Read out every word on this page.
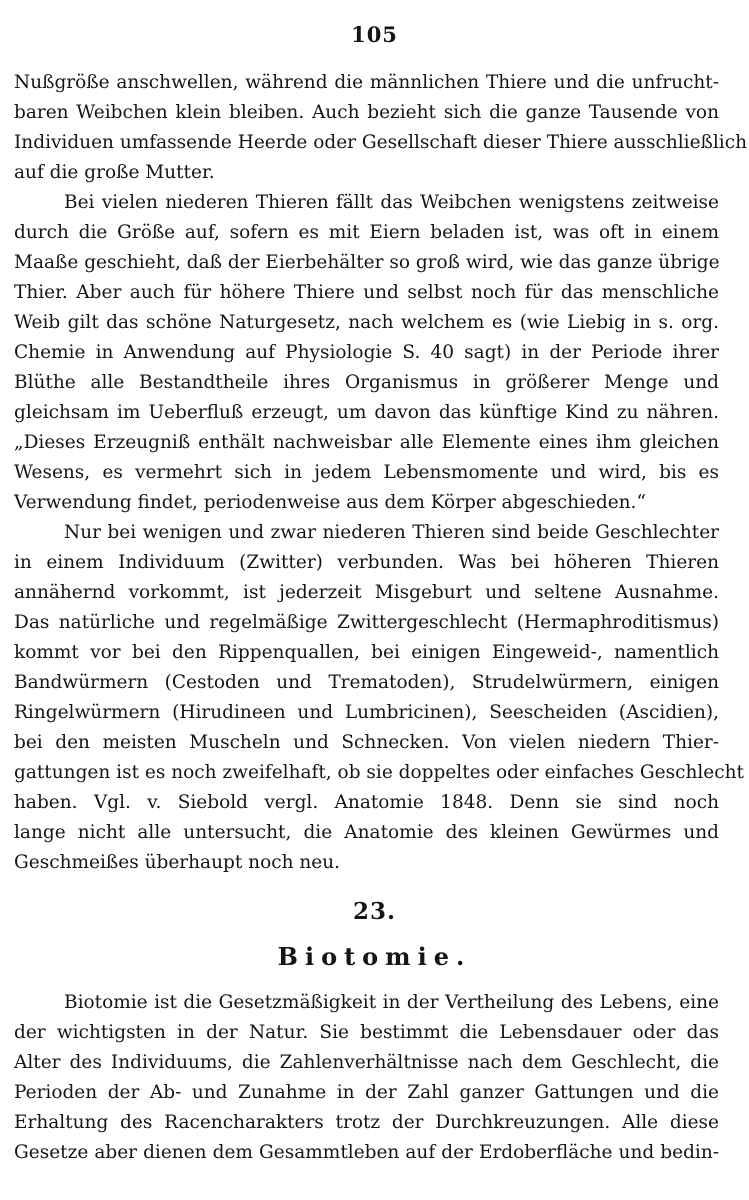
105
Nußgröße anschwellen, während die männlichen Thiere und die unfrucht-
baren Weibchen klein bleiben. Auch bezieht sich die ganze Tausende von
Individuen umfassende Heerde oder Gesellschaft dieser Thiere ausschließlich
auf die große Mutter.
Bei vielen niederen Thieren fällt das Weibchen wenigstens zeitweise
durch die Größe auf, sofern es mit Eiern beladen ist, was oft in einem
Maaße geschieht, daß der Eierbehälter so groß wird, wie das ganze übrige
Thier. Aber auch für höhere Thiere und selbst noch für das menschliche
Weib gilt das schöne Naturgesetz, nach welchem es (wie Liebig in s. org.
Chemie in Anwendung auf Physiologie S. 40 sagt) in der Periode ihrer
Blüthe alle Bestandtheile ihres Organismus in größerer Menge und
gleichsam im Ueberfluß erzeugt, um davon das künftige Kind zu nähren.
„Dieses Erzeugniß enthält nachweisbar alle Elemente eines ihm gleichen
Wesens, es vermehrt sich in jedem Lebensmomente und wird, bis es
Verwendung findet, periodenweise aus dem Körper abgeschieden.“
Nur bei wenigen und zwar niederen Thieren sind beide Geschlechter
in einem Individuum (Zwitter) verbunden. Was bei höheren Thieren
annähernd vorkommt, ist jederzeit Misgeburt und seltene Ausnahme.
Das natürliche und regelmäßige Zwittergeschlecht (Hermaphroditismus)
kommt vor bei den Rippenquallen, bei einigen Eingeweid-, namentlich
Bandwürmern (Cestoden und Trematoden), Strudelwürmern, einigen
Ringelwürmern (Hirudineen und Lumbricinen), Seescheiden (Ascidien),
bei den meisten Muscheln und Schnecken. Von vielen niedern Thier-
gattungen ist es noch zweifelhaft, ob sie doppeltes oder einfaches Geschlecht
haben. Vgl. v. Siebold vergl. Anatomie 1848. Denn sie sind noch
lange nicht alle untersucht, die Anatomie des kleinen Gewürmes und
Geschmeißes überhaupt noch neu.
23.
Biotomie.
Biotomie ist die Gesetzmäßigkeit in der Vertheilung des Lebens, eine
der wichtigsten in der Natur. Sie bestimmt die Lebensdauer oder das
Alter des Individuums, die Zahlenverhältnisse nach dem Geschlecht, die
Perioden der Ab- und Zunahme in der Zahl ganzer Gattungen und die
Erhaltung des Racencharakters trotz der Durchkreuzungen. Alle diese
Gesetze aber dienen dem Gesammtleben auf der Erdoberfläche und bedin-
